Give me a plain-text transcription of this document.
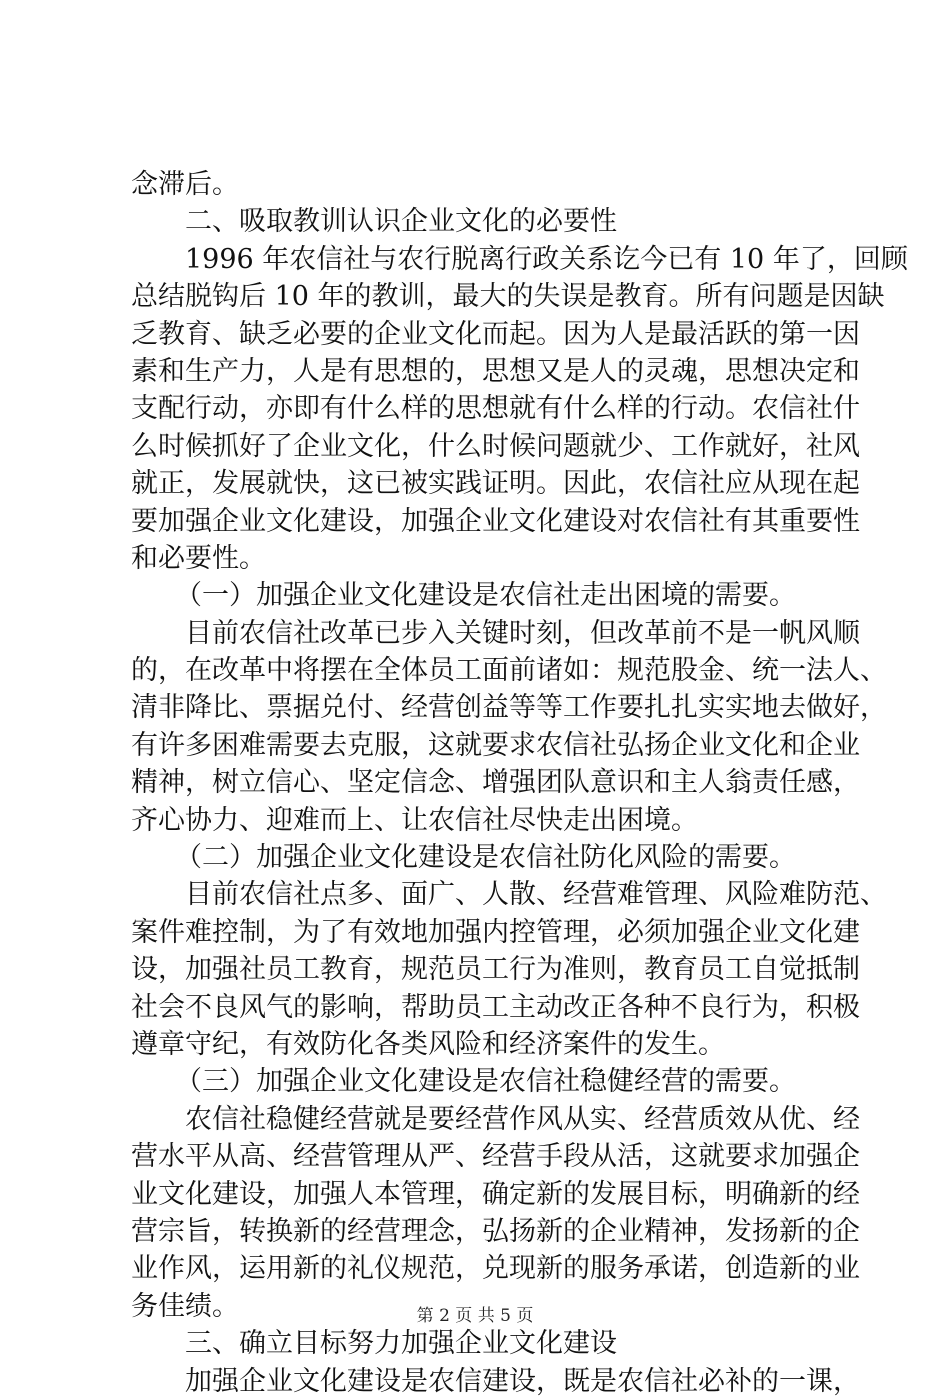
念滞后。
二、吸取教训认识企业文化的必要性
1996 年农信社与农行脱离行政关系讫今已有 10 年了，回顾
总结脱钩后 10 年的教训，最大的失误是教育。所有问题是因缺
乏教育、缺乏必要的企业文化而起。因为人是最活跃的第一因
素和生产力，人是有思想的，思想又是人的灵魂，思想决定和
支配行动，亦即有什么样的思想就有什么样的行动。农信社什
么时候抓好了企业文化，什么时候问题就少、工作就好，社风
就正，发展就快，这已被实践证明。因此，农信社应从现在起
要加强企业文化建设，加强企业文化建设对农信社有其重要性
和必要性。
（一）加强企业文化建设是农信社走出困境的需要。
目前农信社改革已步入关键时刻，但改革前不是一帆风顺
的，在改革中将摆在全体员工面前诸如：规范股金、统一法人、
清非降比、票据兑付、经营创益等等工作要扎扎实实地去做好，
有许多困难需要去克服，这就要求农信社弘扬企业文化和企业
精神，树立信心、坚定信念、增强团队意识和主人翁责任感，
齐心协力、迎难而上、让农信社尽快走出困境。
（二）加强企业文化建设是农信社防化风险的需要。
目前农信社点多、面广、人散、经营难管理、风险难防范、
案件难控制，为了有效地加强内控管理，必须加强企业文化建
设，加强社员工教育，规范员工行为准则，教育员工自觉抵制
社会不良风气的影响，帮助员工主动改正各种不良行为，积极
遵章守纪，有效防化各类风险和经济案件的发生。
（三）加强企业文化建设是农信社稳健经营的需要。
农信社稳健经营就是要经营作风从实、经营质效从优、经
营水平从高、经营管理从严、经营手段从活，这就要求加强企
业文化建设，加强人本管理，确定新的发展目标，明确新的经
营宗旨，转换新的经营理念，弘扬新的企业精神，发扬新的企
业作风，运用新的礼仪规范，兑现新的服务承诺，创造新的业
务佳绩。
三、确立目标努力加强企业文化建设
加强企业文化建设是农信建设，既是农信社必补的一课，
第 2 页 共 5 页
